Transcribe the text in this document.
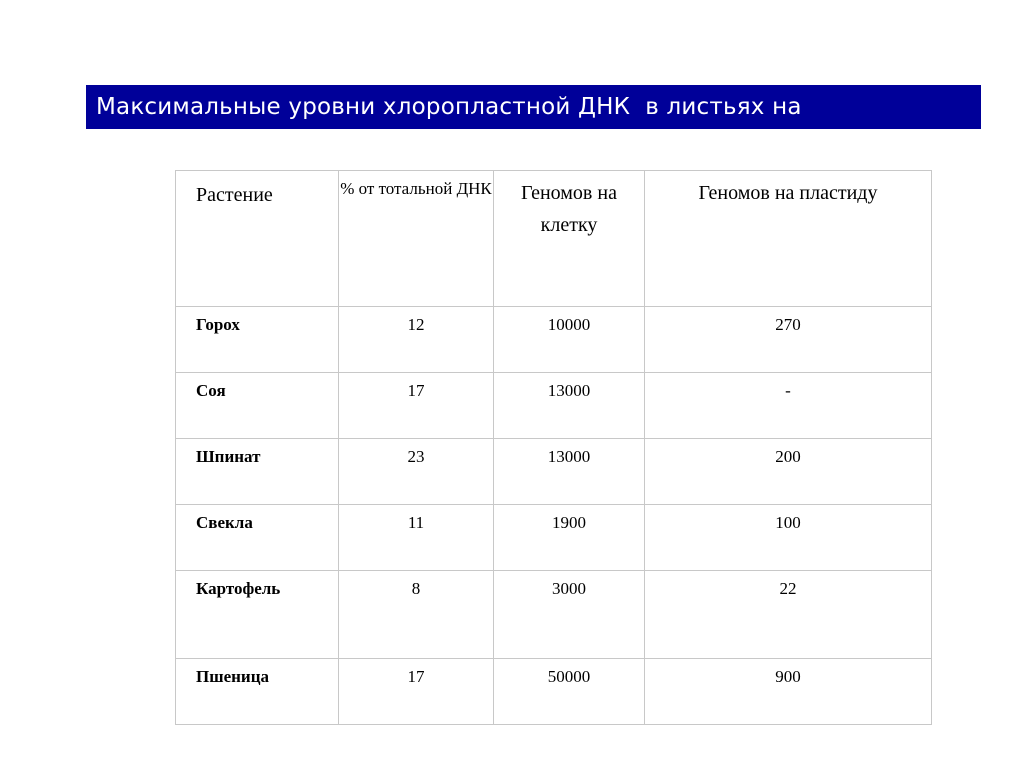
Максимальные уровни хлоропластной ДНК  в листьях на
Растение	% от тотальной ДНК	Геномов на клетку	Геномов на пластиду
Горох	12	10000	270
Соя	17	13000	-
Шпинат	23	13000	200
Свекла	11	1900	100
Картофель	8	3000	22
Пшеница	17	50000	900
